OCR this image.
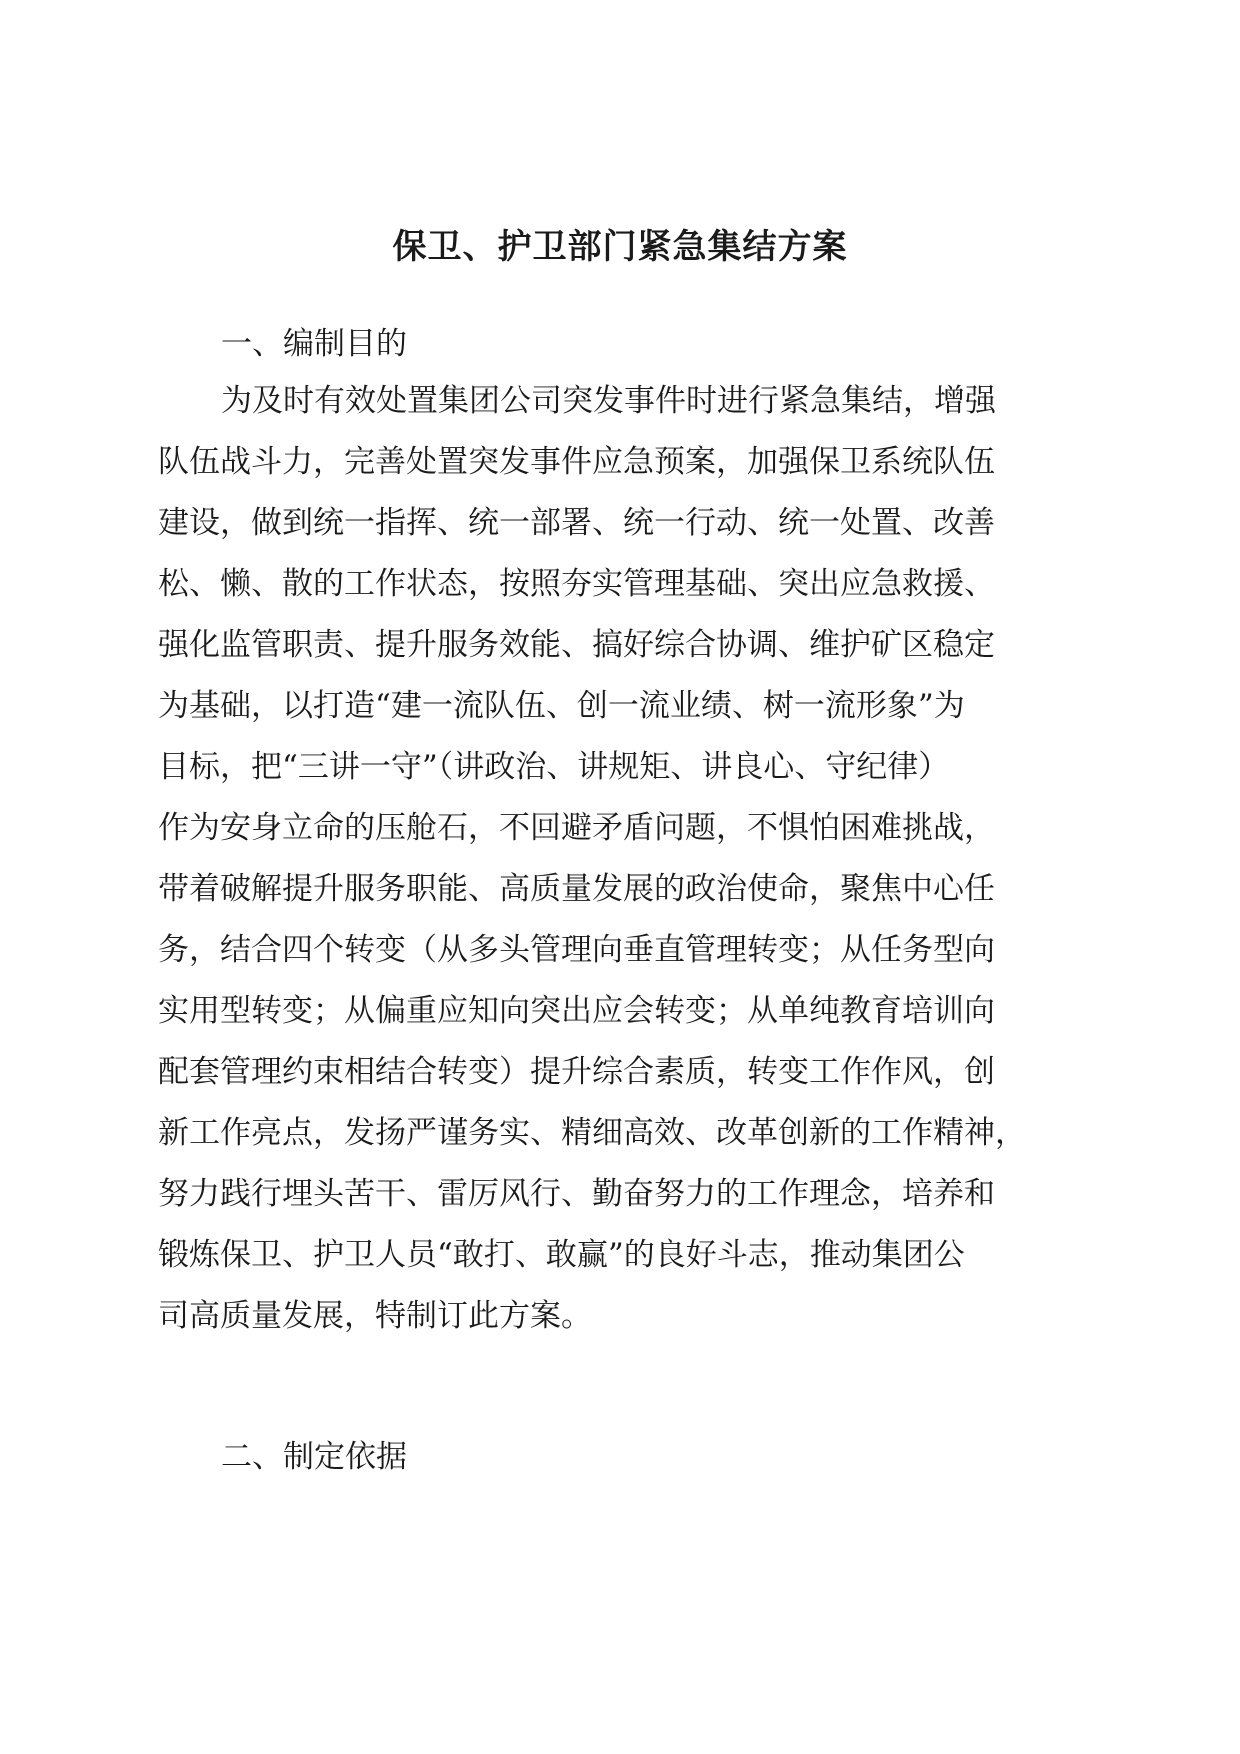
保卫、护卫部门紧急集结方案
一、编制目的

为及时有效处置集团公司突发事件时进行紧急集结，增强

队伍战斗力，完善处置突发事件应急预案，加强保卫系统队伍

建设，做到统一指挥、统一部署、统一行动、统一处置、改善

松、懒、散的工作状态，按照夯实管理基础、突出应急救援、

强化监管职责、提升服务效能、搞好综合协调、维护矿区稳定

为基础，以打造“建一流队伍、创一流业绩、树一流形象”为

目标，把“三讲一守”（讲政治、讲规矩、讲良心、守纪律）

作为安身立命的压舱石，不回避矛盾问题，不惧怕困难挑战，

带着破解提升服务职能、高质量发展的政治使命，聚焦中心任

务，结合四个转变（从多头管理向垂直管理转变；从任务型向

实用型转变；从偏重应知向突出应会转变；从单纯教育培训向

配套管理约束相结合转变）提升综合素质，转变工作作风，创

新工作亮点，发扬严谨务实、精细高效、改革创新的工作精神，

努力践行埋头苦干、雷厉风行、勤奋努力的工作理念，培养和

锻炼保卫、护卫人员“敢打、敢赢”的良好斗志，推动集团公

司高质量发展，特制订此方案。

二、制定依据
